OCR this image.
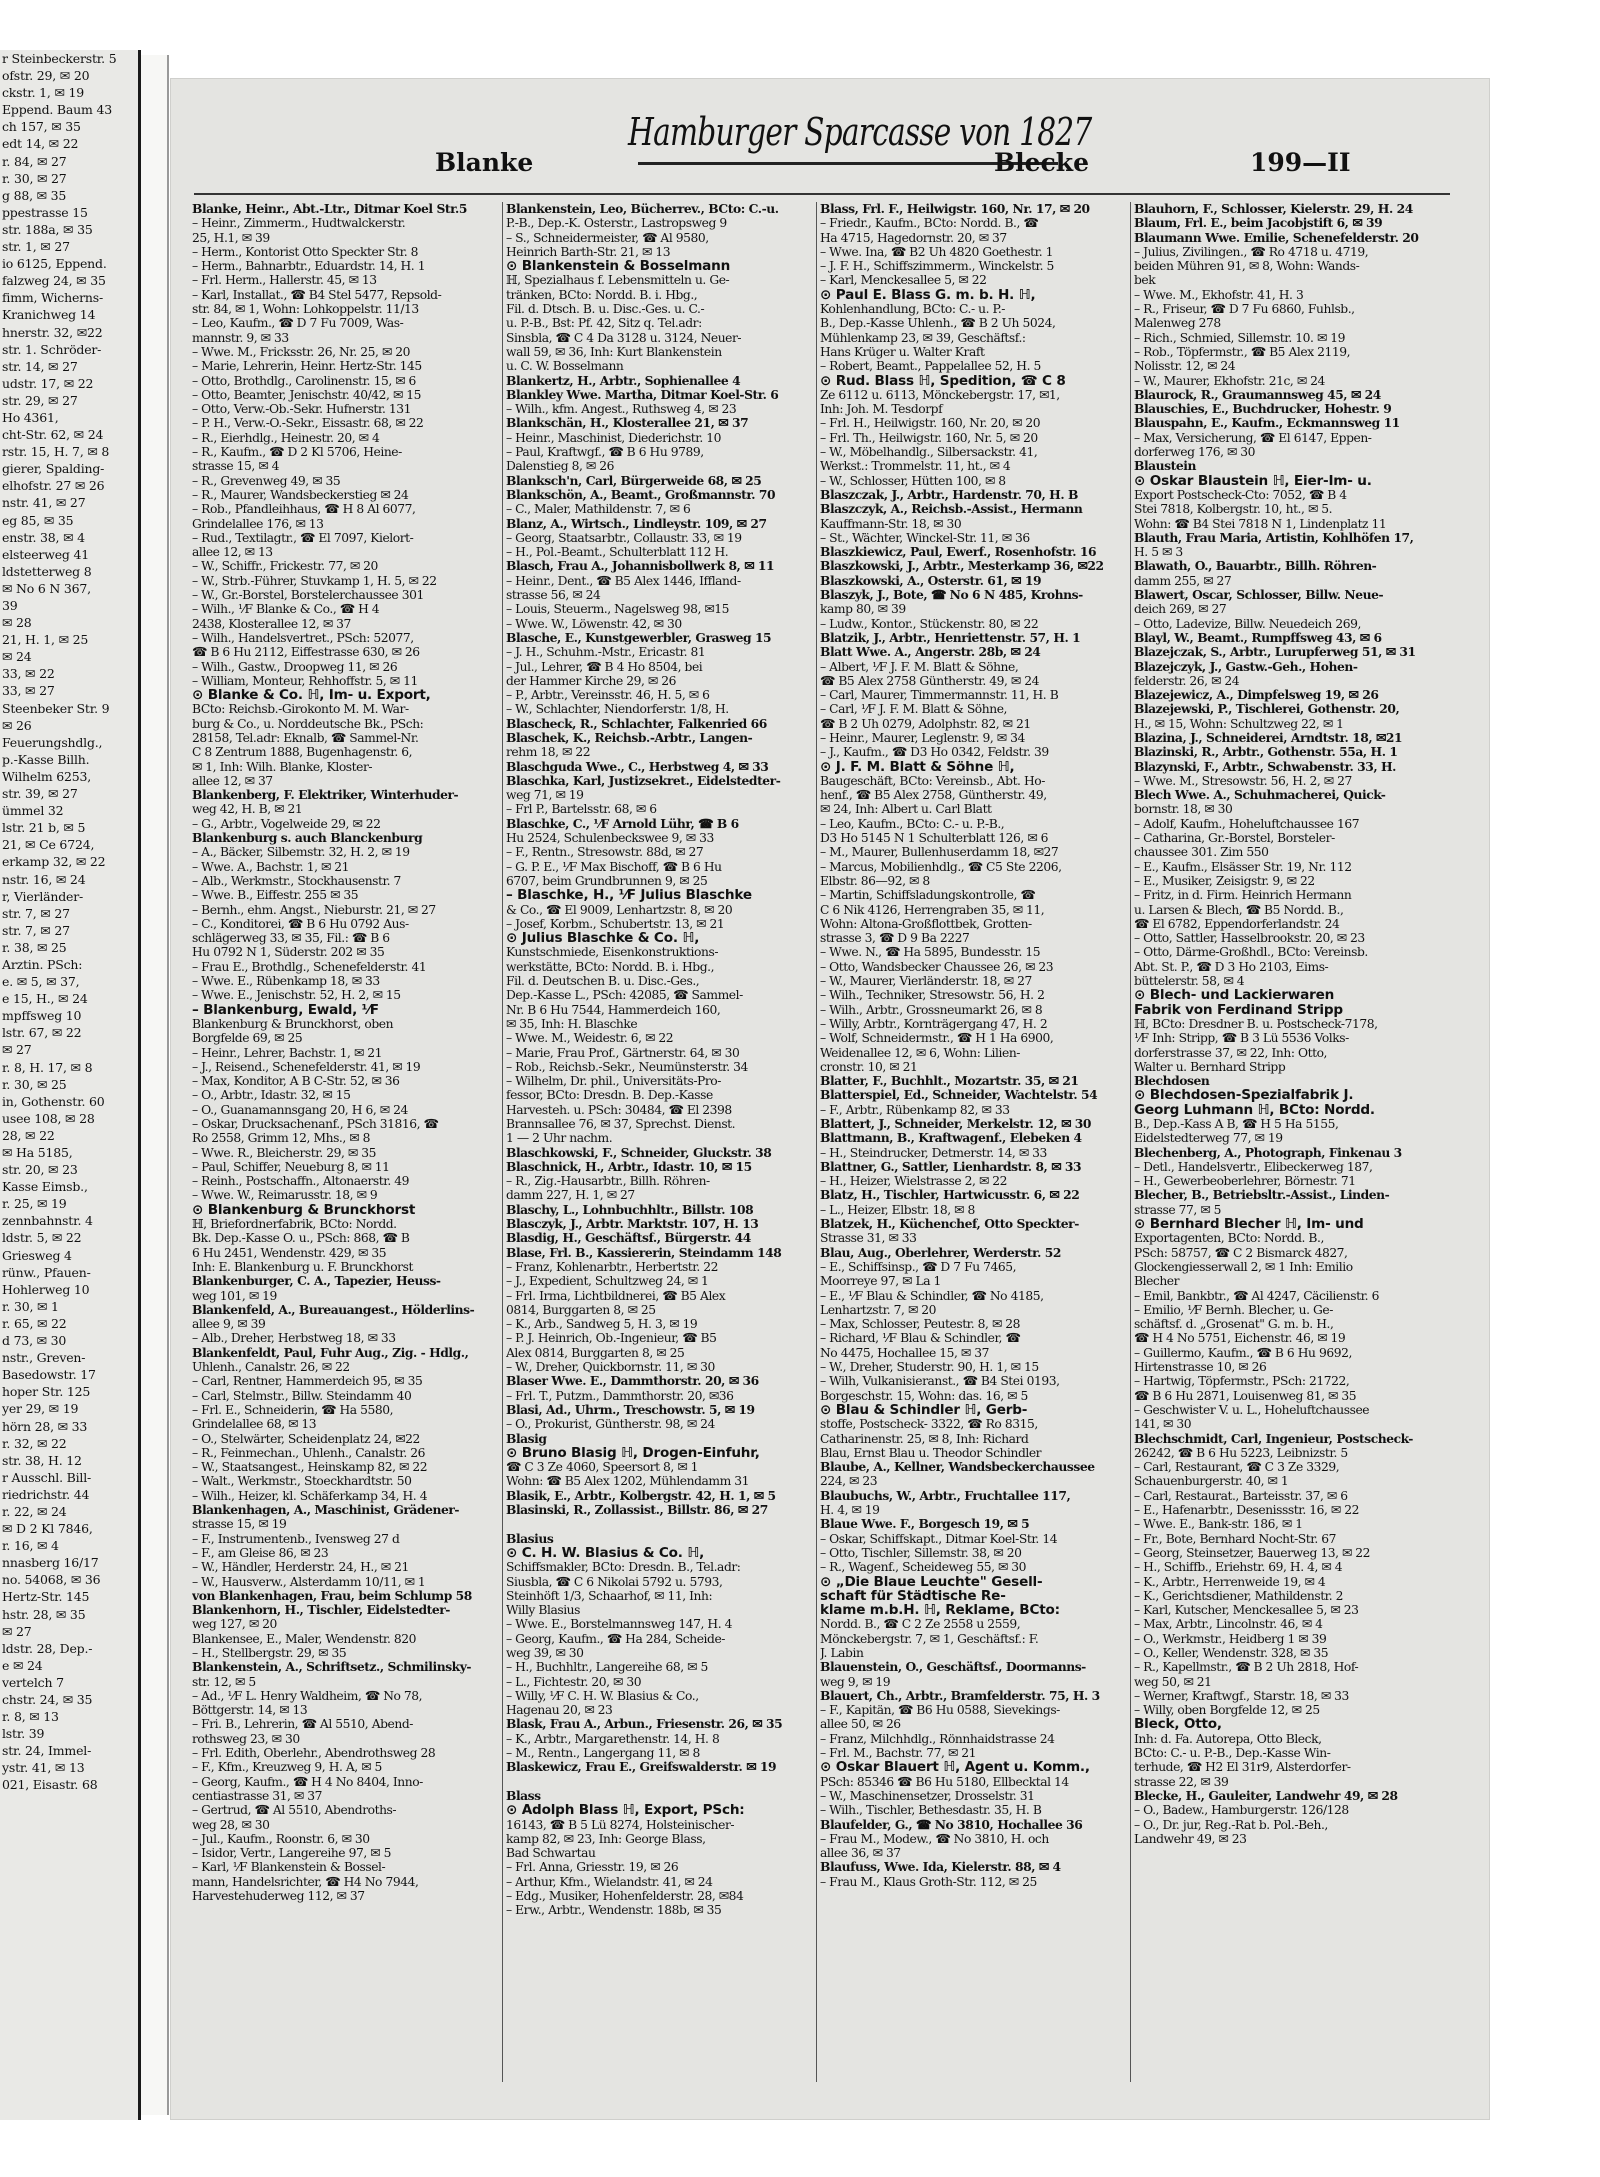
r Steinbeckerstr. 5
ofstr. 29, ✉ 20
ckstr. 1, ✉ 19
Eppend. Baum 43
ch 157, ✉ 35
edt 14, ✉ 22
r. 84, ✉ 27
r. 30, ✉ 27
g 88, ✉ 35
ppestrasse 15
str. 188a, ✉ 35
str. 1, ✉ 27
io 6125, Eppend.
falzweg 24, ✉ 35
fimm, Wicherns-
Kranichweg 14
hnerstr. 32, ✉22
str. 1. Schröder-
str. 14, ✉ 27
udstr. 17, ✉ 22
str. 29, ✉ 27
Ho 4361,
cht-Str. 62, ✉ 24
rstr. 15, H. 7, ✉ 8
gierer, Spalding-
elhofstr. 27 ✉ 26
nstr. 41, ✉ 27
eg 85, ✉ 35
enstr. 38, ✉ 4
elsteerweg 41
ldstetterweg 8
✉ No 6 N 367,
39
✉ 28
21, H. 1, ✉ 25
✉ 24
33, ✉ 22
33, ✉ 27
Steenbeker Str. 9
✉ 26
Feuerungshdlg.,
p.-Kasse Billh.
Wilhelm 6253,
str. 39, ✉ 27
ümmel 32
lstr. 21 b, ✉ 5
21, ✉ Ce 6724,
erkamp 32, ✉ 22
nstr. 16, ✉ 24
r, Vierländer-
str. 7, ✉ 27
str. 7, ✉ 27
r. 38, ✉ 25
Arztin. PSch:
e. ✉ 5, ✉ 37,
e 15, H., ✉ 24
mpffsweg 10
lstr. 67, ✉ 22
✉ 27
r. 8, H. 17, ✉ 8
r. 30, ✉ 25
in, Gothenstr. 60
usee 108, ✉ 28
28, ✉ 22
✉ Ha 5185,
str. 20, ✉ 23
Kasse Eimsb.,
r. 25, ✉ 19
zennbahnstr. 4
ldstr. 5, ✉ 22
Griesweg 4
rünw., Pfauen-
Hohlerweg 10
r. 30, ✉ 1
r. 65, ✉ 22
d 73, ✉ 30
nstr., Greven-
Basedowstr. 17
hoper Str. 125
yer 29, ✉ 19
hörn 28, ✉ 33
r. 32, ✉ 22
str. 38, H. 12
r Ausschl. Bill-
riedrichstr. 44
r. 22, ✉ 24
✉ D 2 Kl 7846,
r. 16, ✉ 4
nnasberg 16/17
no. 54068, ✉ 36
Hertz-Str. 145
hstr. 28, ✉ 35
✉ 27
ldstr. 28, Dep.-
e ✉ 24
vertelch 7
chstr. 24, ✉ 35
r. 8, ✉ 13
lstr. 39
str. 24, Immel-
ystr. 41, ✉ 13
021, Eisastr. 68
Blanke
Hamburger Sparcasse von 1827
Blecke	199—II
Blanke, Heinr., Abt.-Ltr., Ditmar Koel Str.5
– Heinr., Zimmerm., Hudtwalckerstr.
25, H.1, ✉ 39
– Herm., Kontorist Otto Speckter Str. 8
– Herm., Bahnarbtr., Eduardstr. 14, H. 1
– Frl. Herm., Hallerstr. 45, ✉ 13
– Karl, Installat., ☎ B4 Stel 5477, Repsold-
str. 84, ✉ 1, Wohn: Lohkoppelstr. 11/13
– Leo, Kaufm., ☎ D 7 Fu 7009, Was-
mannstr. 9, ✉ 33
– Wwe. M., Fricksstr. 26, Nr. 25, ✉ 20
– Marie, Lehrerin, Heinr. Hertz-Str. 145
– Otto, Brothdlg., Carolinenstr. 15, ✉ 6
– Otto, Beamter, Jenischstr. 40/42, ✉ 15
– Otto, Verw.-Ob.-Sekr. Hufnerstr. 131
– P. H., Verw.-O.-Sekr., Eissastr. 68, ✉ 22
– R., Eierhdlg., Heinestr. 20, ✉ 4
– R., Kaufm., ☎ D 2 Kl 5706, Heine-
strasse 15, ✉ 4
– R., Grevenweg 49, ✉ 35
– R., Maurer, Wandsbeckerstieg ✉ 24
– Rob., Pfandleihhaus, ☎ H 8 Al 6077,
Grindelallee 176, ✉ 13
– Rud., Textilagtr., ☎ El 7097, Kielort-
allee 12, ✉ 13
– W., Schiffr., Frickestr. 77, ✉ 20
– W., Strb.-Führer, Stuvkamp 1, H. 5, ✉ 22
– W., Gr.-Borstel, Borstelerchaussee 301
– Wilh., ⅟F Blanke & Co., ☎ H 4
2438, Klosterallee 12, ✉ 37
– Wilh., Handelsvertret., PSch: 52077,
☎ B 6 Hu 2112, Eiffestrasse 630, ✉ 26
– Wilh., Gastw., Droopweg 11, ✉ 26
– William, Monteur, Rehhoffstr. 5, ✉ 11
⊙ Blanke & Co. ℍ, Im- u. Export,
BCto: Reichsb.-Girokonto M. M. War-
burg & Co., u. Norddeutsche Bk., PSch:
28158, Tel.adr: Eknalb, ☎ Sammel-Nr.
C 8 Zentrum 1888, Bugenhagenstr. 6,
✉ 1, Inh: Wilh. Blanke, Kloster-
allee 12, ✉ 37
Blankenberg, F. Elektriker, Winterhuder-
weg 42, H. B, ✉ 21
– G., Arbtr., Vogelweide 29, ✉ 22
Blankenburg s. auch Blanckenburg
– A., Bäcker, Silbemstr. 32, H. 2, ✉ 19
– Wwe. A., Bachstr. 1, ✉ 21
– Alb., Werkmstr., Stockhausenstr. 7
– Wwe. B., Eiffestr. 255 ✉ 35
– Bernh., ehm. Angst., Nieburstr. 21, ✉ 27
– C., Konditorei, ☎ B 6 Hu 0792 Aus-
schlägerweg 33, ✉ 35, Fil.: ☎ B 6
Hu 0792 N 1, Süderstr. 202 ✉ 35
– Frau E., Brothdlg., Schenefelderstr. 41
– Wwe. E., Rübenkamp 18, ✉ 33
– Wwe. E., Jenischstr. 52, H. 2, ✉ 15
– Blankenburg, Ewald, ⅟F
Blankenburg & Brunckhorst, oben
Borgfelde 69, ✉ 25
– Heinr., Lehrer, Bachstr. 1, ✉ 21
– J., Reisend., Schenefelderstr. 41, ✉ 19
– Max, Konditor, A B C-Str. 52, ✉ 36
– O., Arbtr., Idastr. 32, ✉ 15
– O., Guanamannsgang 20, H 6, ✉ 24
– Oskar, Drucksachenanf., PSch 31816, ☎
Ro 2558, Grimm 12, Mhs., ✉ 8
– Wwe. R., Bleicherstr. 29, ✉ 35
– Paul, Schiffer, Neueburg 8, ✉ 11
– Reinh., Postschaffn., Altonaerstr. 49
– Wwe. W., Reimarusstr. 18, ✉ 9
⊙ Blankenburg & Brunckhorst
ℍ, Briefordnerfabrik, BCto: Nordd.
Bk. Dep.-Kasse O. u., PSch: 868, ☎ B
6 Hu 2451, Wendenstr. 429, ✉ 35
Inh: E. Blankenburg u. F. Brunckhorst
Blankenburger, C. A., Tapezier, Heuss-
weg 101, ✉ 19
Blankenfeld, A., Bureauangest., Hölderlins-
allee 9, ✉ 39
– Alb., Dreher, Herbstweg 18, ✉ 33
Blankenfeldt, Paul, Fuhr Aug., Zig. - Hdlg.,
Uhlenh., Canalstr. 26, ✉ 22
– Carl, Rentner, Hammerdeich 95, ✉ 35
– Carl, Stelmstr., Billw. Steindamm 40
– Frl. E., Schneiderin, ☎ Ha 5580,
Grindelallee 68, ✉ 13
– O., Stelwärter, Scheidenplatz 24, ✉22
– R., Feinmechan., Uhlenh., Canalstr. 26
– W., Staatsangest., Heinskamp 82, ✉ 22
– Walt., Werkmstr., Stoeckhardtstr. 50
– Wilh., Heizer, kl. Schäferkamp 34, H. 4
Blankenhagen, A., Maschinist, Grädener-
strasse 15, ✉ 19
– F., Instrumentenb., Ivensweg 27 d
– F., am Gleise 86, ✉ 23
– W., Händler, Herderstr. 24, H., ✉ 21
– W., Hausverw., Alsterdamm 10/11, ✉ 1
von Blankenhagen, Frau, beim Schlump 58
Blankenhorn, H., Tischler, Eidelstedter-
weg 127, ✉ 20
Blankensee, E., Maler, Wendenstr. 820
– H., Stellbergstr. 29, ✉ 35
Blankenstein, A., Schriftsetz., Schmilinsky-
str. 12, ✉ 5
– Ad., ⅟F L. Henry Waldheim, ☎ No 78,
Böttgerstr. 14, ✉ 13
– Fri. B., Lehrerin, ☎ Al 5510, Abend-
rothsweg 23, ✉ 30
– Frl. Edith, Oberlehr., Abendrothsweg 28
– F., Kfm., Kreuzweg 9, H. A, ✉ 5
– Georg, Kaufm., ☎ H 4 No 8404, Inno-
centiastrasse 31, ✉ 37
– Gertrud, ☎ Al 5510, Abendroths-
weg 28, ✉ 30
– Jul., Kaufm., Roonstr. 6, ✉ 30
– Isidor, Vertr., Langereihe 97, ✉ 5
– Karl, ⅟F Blankenstein & Bossel-
mann, Handelsrichter, ☎ H4 No 7944,
Harvestehuderweg 112, ✉ 37
Blankenstein, Leo, Bücherrev., BCto: C.-u.
P.-B., Dep.-K. Osterstr., Lastropsweg 9
– S., Schneidermeister, ☎ Al 9580,
Heinrich Barth-Str. 21, ✉ 13
⊙ Blankenstein & Bosselmann
ℍ, Spezialhaus f. Lebensmitteln u. Ge-
tränken, BCto: Nordd. B. i. Hbg.,
Fil. d. Dtsch. B. u. Disc.-Ges. u. C.-
u. P.-B., Bst: Pf. 42, Sitz q. Tel.adr:
Sinsbla, ☎ C 4 Da 3128 u. 3124, Neuer-
wall 59, ✉ 36, Inh: Kurt Blankenstein
u. C. W. Bosselmann
Blankertz, H., Arbtr., Sophienallee 4
Blankley Wwe. Martha, Ditmar Koel-Str. 6
– Wilh., kfm. Angest., Ruthsweg 4, ✉ 23
Blankschän, H., Klosterallee 21, ✉ 37
– Heinr., Maschinist, Diederichstr. 10
– Paul, Kraftwgf., ☎ B 6 Hu 9789,
Dalenstieg 8, ✉ 26
Blanksch'n, Carl, Bürgerweide 68, ✉ 25
Blankschön, A., Beamt., Großmannstr. 70
– C., Maler, Mathildenstr. 7, ✉ 6
Blanz, A., Wirtsch., Lindleystr. 109, ✉ 27
– Georg, Staatsarbtr., Collaustr. 33, ✉ 19
– H., Pol.-Beamt., Schulterblatt 112 H.
Blasch, Frau A., Johannisbollwerk 8, ✉ 11
– Heinr., Dent., ☎ B5 Alex 1446, Iffland-
strasse 56, ✉ 24
– Louis, Steuerm., Nagelsweg 98, ✉15
– Wwe. W., Löwenstr. 42, ✉ 30
Blasche, E., Kunstgewerbler, Grasweg 15
– J. H., Schuhm.-Mstr., Ericastr. 81
– Jul., Lehrer, ☎ B 4 Ho 8504, bei
der Hammer Kirche 29, ✉ 26
– P., Arbtr., Vereinsstr. 46, H. 5, ✉ 6
– W., Schlachter, Niendorferstr. 1/8, H.
Blascheck, R., Schlachter, Falkenried 66
Blaschek, K., Reichsb.-Arbtr., Langen-
rehm 18, ✉ 22
Blaschguda Wwe., C., Herbstweg 4, ✉ 33
Blaschka, Karl, Justizsekret., Eidelstedter-
weg 71, ✉ 19
– Frl P., Bartelsstr. 68, ✉ 6
Blaschke, C., ⅟F Arnold Lühr, ☎ B 6
Hu 2524, Schulenbeckswee 9, ✉ 33
– F., Rentn., Stresowstr. 88d, ✉ 27
– G. P. E., ⅟F Max Bischoff, ☎ B 6 Hu
6707, beim Grundbrunnen 9, ✉ 25
– Blaschke, H., ⅟F Julius Blaschke
& Co., ☎ El 9009, Lenhartzstr. 8, ✉ 20
– Josef, Korbm., Schubertstr. 13, ✉ 21
⊙ Julius Blaschke & Co. ℍ,
Kunstschmiede, Eisenkonstruktions-
werkstätte, BCto: Nordd. B. i. Hbg.,
Fil. d. Deutschen B. u. Disc.-Ges.,
Dep.-Kasse L., PSch: 42085, ☎ Sammel-
Nr. B 6 Hu 7544, Hammerdeich 160,
✉ 35, Inh: H. Blaschke
– Wwe. M., Weidestr. 6, ✉ 22
– Marie, Frau Prof., Gärtnerstr. 64, ✉ 30
– Rob., Reichsb.-Sekr., Neumünsterstr. 34
– Wilhelm, Dr. phil., Universitäts-Pro-
fessor, BCto: Dresdn. B. Dep.-Kasse
Harvesteh. u. PSch: 30484, ☎ El 2398
Brannsallee 76, ✉ 37, Sprechst. Dienst.
1 — 2 Uhr nachm.
Blaschkowski, F., Schneider, Gluckstr. 38
Blaschnick, H., Arbtr., Idastr. 10, ✉ 15
– R., Zig.-Hausarbtr., Billh. Röhren-
damm 227, H. 1, ✉ 27
Blaschy, L., Lohnbuchhltr., Billstr. 108
Blasczyk, J., Arbtr. Marktstr. 107, H. 13
Blasdig, H., Geschäftsf., Bürgerstr. 44
Blase, Frl. B., Kassiererin, Steindamm 148
– Franz, Kohlenarbtr., Herbertstr. 22
– J., Expedient, Schultzweg 24, ✉ 1
– Frl. Irma, Lichtbildnerei, ☎ B5 Alex
0814, Burggarten 8, ✉ 25
– K., Arb., Sandweg 5, H. 3, ✉ 19
– P. J. Heinrich, Ob.-Ingenieur, ☎ B5
Alex 0814, Burggarten 8, ✉ 25
– W., Dreher, Quickbornstr. 11, ✉ 30
Blaser Wwe. E., Dammthorstr. 20, ✉ 36
– Frl. T., Putzm., Dammthorstr. 20, ✉36
Blasi, Ad., Uhrm., Treschowstr. 5, ✉ 19
– O., Prokurist, Güntherstr. 98, ✉ 24
Blasig
⊙ Bruno Blasig ℍ, Drogen-Einfuhr,
☎ C 3 Ze 4060, Speersort 8, ✉ 1
Wohn: ☎ B5 Alex 1202, Mühlendamm 31
Blasik, E., Arbtr., Kolbergstr. 42, H. 1, ✉ 5
Blasinski, R., Zollassist., Billstr. 86, ✉ 27

Blasius
⊙ C. H. W. Blasius & Co. ℍ,
Schiffsmakler, BCto: Dresdn. B., Tel.adr:
Siusbla, ☎ C 6 Nikolai 5792 u. 5793,
Steinhöft 1/3, Schaarhof, ✉ 11, Inh:
Willy Blasius
– Wwe. E., Borstelmannsweg 147, H. 4
– Georg, Kaufm., ☎ Ha 284, Scheide-
weg 39, ✉ 30
– H., Buchhltr., Langereihe 68, ✉ 5
– L., Fichtestr. 20, ✉ 30
– Willy, ⅟F C. H. W. Blasius & Co.,
Hagenau 20, ✉ 23
Blask, Frau A., Arbun., Friesenstr. 26, ✉ 35
– K., Arbtr., Margarethenstr. 14, H. 8
– M., Rentn., Langergang 11, ✉ 8
Blaskewicz, Frau E., Greifswalderstr. ✉ 19

Blass
⊙ Adolph Blass ℍ, Export, PSch:
16143, ☎ B 5 Lü 8274, Holsteinischer-
kamp 82, ✉ 23, Inh: George Blass,
Bad Schwartau
– Frl. Anna, Griesstr. 19, ✉ 26
– Arthur, Kfm., Wielandstr. 41, ✉ 24
– Edg., Musiker, Hohenfelderstr. 28, ✉84
– Erw., Arbtr., Wendenstr. 188b, ✉ 35
Blass, Frl. F., Heilwigstr. 160, Nr. 17, ✉ 20
– Friedr., Kaufm., BCto: Nordd. B., ☎
Ha 4715, Hagedornstr. 20, ✉ 37
– Wwe. Ina, ☎ B2 Uh 4820 Goethestr. 1
– J. F. H., Schiffszimmerm., Winckelstr. 5
– Karl, Menckesallee 5, ✉ 22
⊙ Paul E. Blass G. m. b. H. ℍ,
Kohlenhandlung, BCto: C.- u. P.-
B., Dep.-Kasse Uhlenh., ☎ B 2 Uh 5024,
Mühlenkamp 23, ✉ 39, Geschäftsf.:
Hans Krüger u. Walter Kraft
– Robert, Beamt., Pappelallee 52, H. 5
⊙ Rud. Blass ℍ, Spedition, ☎ C 8
Ze 6112 u. 6113, Mönckebergstr. 17, ✉1,
Inh: Joh. M. Tesdorpf
– Frl. H., Heilwigstr. 160, Nr. 20, ✉ 20
– Frl. Th., Heilwigstr. 160, Nr. 5, ✉ 20
– W., Möbelhandlg., Silbersackstr. 41,
Werkst.: Trommelstr. 11, ht., ✉ 4
– W., Schlosser, Hütten 100, ✉ 8
Blaszczak, J., Arbtr., Hardenstr. 70, H. B
Blaszczyk, A., Reichsb.-Assist., Hermann
Kauffmann-Str. 18, ✉ 30
– St., Wächter, Winckel-Str. 11, ✉ 36
Blaszkiewicz, Paul, Ewerf., Rosenhofstr. 16
Blaszkowski, J., Arbtr., Mesterkamp 36, ✉22
Blaszkowski, A., Osterstr. 61, ✉ 19
Blaszyk, J., Bote, ☎ No 6 N 485, Krohns-
kamp 80, ✉ 39
– Ludw., Kontor., Stückenstr. 80, ✉ 22
Blatzik, J., Arbtr., Henriettenstr. 57, H. 1
Blatt Wwe. A., Angerstr. 28b, ✉ 24
– Albert, ⅟F J. F. M. Blatt & Söhne,
☎ B5 Alex 2758 Güntherstr. 49, ✉ 24
– Carl, Maurer, Timmermannstr. 11, H. B
– Carl, ⅟F J. F. M. Blatt & Söhne,
☎ B 2 Uh 0279, Adolphstr. 82, ✉ 21
– Heinr., Maurer, Leglenstr. 9, ✉ 34
– J., Kaufm., ☎ D3 Ho 0342, Feldstr. 39
⊙ J. F. M. Blatt & Söhne ℍ,
Baugeschäft, BCto: Vereinsb., Abt. Ho-
henf., ☎ B5 Alex 2758, Güntherstr. 49,
✉ 24, Inh: Albert u. Carl Blatt
– Leo, Kaufm., BCto: C.- u. P.-B.,
D3 Ho 5145 N 1 Schulterblatt 126, ✉ 6
– M., Maurer, Bullenhuserdamm 18, ✉27
– Marcus, Mobilienhdlg., ☎ C5 Ste 2206,
Elbstr. 86—92, ✉ 8
– Martin, Schiffsladungskontrolle, ☎
C 6 Nik 4126, Herrengraben 35, ✉ 11,
Wohn: Altona-Großflottbek, Grotten-
strasse 3, ☎ D 9 Ba 2227
– Wwe. N., ☎ Ha 5895, Bundesstr. 15
– Otto, Wandsbecker Chaussee 26, ✉ 23
– W., Maurer, Vierländerstr. 18, ✉ 27
– Wilh., Techniker, Stresowstr. 56, H. 2
– Wilh., Arbtr., Grossneumarkt 26, ✉ 8
– Willy, Arbtr., Kornträgergang 47, H. 2
– Wolf, Schneidermstr., ☎ H 1 Ha 6900,
Weidenallee 12, ✉ 6, Wohn: Lilien-
cronstr. 10, ✉ 21
Blatter, F., Buchhlt., Mozartstr. 35, ✉ 21
Blatterspiel, Ed., Schneider, Wachtelstr. 54
– F., Arbtr., Rübenkamp 82, ✉ 33
Blattert, J., Schneider, Merkelstr. 12, ✉ 30
Blattmann, B., Kraftwagenf., Elebeken 4
– H., Steindrucker, Detmerstr. 14, ✉ 33
Blattner, G., Sattler, Lienhardstr. 8, ✉ 33
– H., Heizer, Wielstrasse 2, ✉ 22
Blatz, H., Tischler, Hartwicusstr. 6, ✉ 22
– L., Heizer, Elbstr. 18, ✉ 8
Blatzek, H., Küchenchef, Otto Speckter-
Strasse 31, ✉ 33
Blau, Aug., Oberlehrer, Werderstr. 52
– E., Schiffsinsp., ☎ D 7 Fu 7465,
Moorreye 97, ✉ La 1
– E., ⅟F Blau & Schindler, ☎ No 4185,
Lenhartzstr. 7, ✉ 20
– Max, Schlosser, Peutestr. 8, ✉ 28
– Richard, ⅟F Blau & Schindler, ☎
No 4475, Hochallee 15, ✉ 37
– W., Dreher, Studerstr. 90, H. 1, ✉ 15
– Wilh, Vulkanisieranst., ☎ B4 Stei 0193,
Borgeschstr. 15, Wohn: das. 16, ✉ 5
⊙ Blau & Schindler ℍ, Gerb-
stoffe, Postscheck- 3322, ☎ Ro 8315,
Catharinenstr. 25, ✉ 8, Inh: Richard
Blau, Ernst Blau u. Theodor Schindler
Blaube, A., Kellner, Wandsbeckerchaussee
224, ✉ 23
Blaubuchs, W., Arbtr., Fruchtallee 117,
H. 4, ✉ 19
Blaue Wwe. F., Borgesch 19, ✉ 5
– Oskar, Schiffskapt., Ditmar Koel-Str. 14
– Otto, Tischler, Sillemstr. 38, ✉ 20
– R., Wagenf., Scheideweg 55, ✉ 30
⊙ „Die Blaue Leuchte" Gesell-
schaft für Städtische Re-
klame m.b.H. ℍ, Reklame, BCto:
Nordd. B., ☎ C 2 Ze 2558 u 2559,
Mönckebergstr. 7, ✉ 1, Geschäftsf.: F.
J. Labin
Blauenstein, O., Geschäftsf., Doormanns-
weg 9, ✉ 19
Blauert, Ch., Arbtr., Bramfelderstr. 75, H. 3
– F., Kapitän, ☎ B6 Hu 0588, Sievekings-
allee 50, ✉ 26
– Franz, Milchhdlg., Rönnhaidstrasse 24
– Frl. M., Bachstr. 77, ✉ 21
⊙ Oskar Blauert ℍ, Agent u. Komm.,
PSch: 85346 ☎ B6 Hu 5180, Ellbecktal 14
– W., Maschinensetzer, Drosselstr. 31
– Wilh., Tischler, Bethesdastr. 35, H. B
Blaufelder, G., ☎ No 3810, Hochallee 36
– Frau M., Modew., ☎ No 3810, H. och
allee 36, ✉ 37
Blaufuss, Wwe. Ida, Kielerstr. 88, ✉ 4
– Frau M., Klaus Groth-Str. 112, ✉ 25
Blauhorn, F., Schlosser, Kielerstr. 29, H. 24
Blaum, Frl. E., beim Jacobjstift 6, ✉ 39
Blaumann Wwe. Emilie, Schenefelderstr. 20
– Julius, Zivilingen., ☎ Ro 4718 u. 4719,
beiden Mühren 91, ✉ 8, Wohn: Wands-
bek
– Wwe. M., Ekhofstr. 41, H. 3
– R., Friseur, ☎ D 7 Fu 6860, Fuhlsb.,
Malenweg 278
– Rich., Schmied, Sillemstr. 10. ✉ 19
– Rob., Töpfermstr., ☎ B5 Alex 2119,
Nolisstr. 12, ✉ 24
– W., Maurer, Ekhofstr. 21c, ✉ 24
Blaurock, R., Graumannsweg 45, ✉ 24
Blauschies, E., Buchdrucker, Hohestr. 9
Blauspahn, E., Kaufm., Eckmannsweg 11
– Max, Versicherung, ☎ El 6147, Eppen-
dorferweg 176, ✉ 30
Blaustein
⊙ Oskar Blaustein ℍ, Eier-Im- u.
Export Postscheck-Cto: 7052, ☎ B 4
Stei 7818, Kolbergstr. 10, ht., ✉ 5.
Wohn: ☎ B4 Stei 7818 N 1, Lindenplatz 11
Blauth, Frau Maria, Artistin, Kohlhöfen 17,
H. 5 ✉ 3
Blawath, O., Bauarbtr., Billh. Röhren-
damm 255, ✉ 27
Blawert, Oscar, Schlosser, Billw. Neue-
deich 269, ✉ 27
– Otto, Ladevize, Billw. Neuedeich 269,
Blayl, W., Beamt., Rumpffsweg 43, ✉ 6
Blazejczak, S., Arbtr., Lurupferweg 51, ✉ 31
Blazejczyk, J., Gastw.-Geh., Hohen-
felderstr. 26, ✉ 24
Blazejewicz, A., Dimpfelsweg 19, ✉ 26
Blazejewski, P., Tischlerei, Gothenstr. 20,
H., ✉ 15, Wohn: Schultzweg 22, ✉ 1
Blazina, J., Schneiderei, Arndtstr. 18, ✉21
Blazinski, R., Arbtr., Gothenstr. 55a, H. 1
Blazynski, F., Arbtr., Schwabenstr. 33, H.
– Wwe. M., Stresowstr. 56, H. 2, ✉ 27
Blech Wwe. A., Schuhmacherei, Quick-
bornstr. 18, ✉ 30
– Adolf, Kaufm., Hoheluftchaussee 167
– Catharina, Gr.-Borstel, Borsteler-
chaussee 301. Zim 550
– E., Kaufm., Elsässer Str. 19, Nr. 112
– E., Musiker, Zeisigstr. 9, ✉ 22
– Fritz, in d. Firm. Heinrich Hermann
u. Larsen & Blech, ☎ B5 Nordd. B.,
☎ El 6782, Eppendorferlandstr. 24
– Otto, Sattler, Hasselbrookstr. 20, ✉ 23
– Otto, Därme-Großhdl., BCto: Vereinsb.
Abt. St. P., ☎ D 3 Ho 2103, Eims-
büttelerstr. 58, ✉ 4
⊙ Blech- und Lackierwaren
Fabrik von Ferdinand Stripp
ℍ, BCto: Dresdner B. u. Postscheck-7178,
⅟F Inh: Stripp, ☎ B 3 Lü 5536 Volks-
dorferstrasse 37, ✉ 22, Inh: Otto,
Walter u. Bernhard Stripp
Blechdosen
⊙ Blechdosen-Spezialfabrik J.
Georg Luhmann ℍ, BCto: Nordd.
B., Dep.-Kass A B, ☎ H 5 Ha 5155,
Eidelstedterweg 77, ✉ 19
Blechenberg, A., Photograph, Finkenau 3
– Detl., Handelsvertr., Elibeckerweg 187,
– H., Gewerbeoberlehrer, Börnestr. 71
Blecher, B., Betriebsltr.-Assist., Linden-
strasse 77, ✉ 5
⊙ Bernhard Blecher ℍ, Im- und
Exportagenten, BCto: Nordd. B.,
PSch: 58757, ☎ C 2 Bismarck 4827,
Glockengiesserwall 2, ✉ 1 Inh: Emilio
Blecher
– Emil, Bankbtr., ☎ Al 4247, Cäcilienstr. 6
– Emilio, ⅟F Bernh. Blecher, u. Ge-
schäftsf. d. „Grosenat" G. m. b. H.,
☎ H 4 No 5751, Eichenstr. 46, ✉ 19
– Guillermo, Kaufm., ☎ B 6 Hu 9692,
Hirtenstrasse 10, ✉ 26
– Hartwig, Töpfermstr., PSch: 21722,
☎ B 6 Hu 2871, Louisenweg 81, ✉ 35
– Geschwister V. u. L., Hoheluftchaussee
141, ✉ 30
Blechschmidt, Carl, Ingenieur, Postscheck-
26242, ☎ B 6 Hu 5223, Leibnizstr. 5
– Carl, Restaurant, ☎ C 3 Ze 3329,
Schauenburgerstr. 40, ✉ 1
– Carl, Restaurat., Barteisstr. 37, ✉ 6
– E., Hafenarbtr., Desenissstr. 16, ✉ 22
– Wwe. E., Bank-str. 186, ✉ 1
– Fr., Bote, Bernhard Nocht-Str. 67
– Georg, Steinsetzer, Bauerweg 13, ✉ 22
– H., Schiffb., Eriehstr. 69, H. 4, ✉ 4
– K., Arbtr., Herrenweide 19, ✉ 4
– K., Gerichtsdiener, Mathildenstr. 2
– Karl, Kutscher, Menckesallee 5, ✉ 23
– Max, Arbtr., Lincolnstr. 46, ✉ 4
– O., Werkmstr., Heidberg 1 ✉ 39
– O., Keller, Wendenstr. 328, ✉ 35
– R., Kapellmstr., ☎ B 2 Uh 2818, Hof-
weg 50, ✉ 21
– Werner, Kraftwgf., Starstr. 18, ✉ 33
– Willy, oben Borgfelde 12, ✉ 25
Bleck, Otto,
Inh: d. Fa. Autorepa, Otto Bleck,
BCto: C.- u. P.-B., Dep.-Kasse Win-
terhude, ☎ H2 El 31r9, Alsterdorfer-
strasse 22, ✉ 39
Blecke, H., Gauleiter, Landwehr 49, ✉ 28
– O., Badew., Hamburgerstr. 126/128
– O., Dr. jur, Reg.-Rat b. Pol.-Beh.,
Landwehr 49, ✉ 23
